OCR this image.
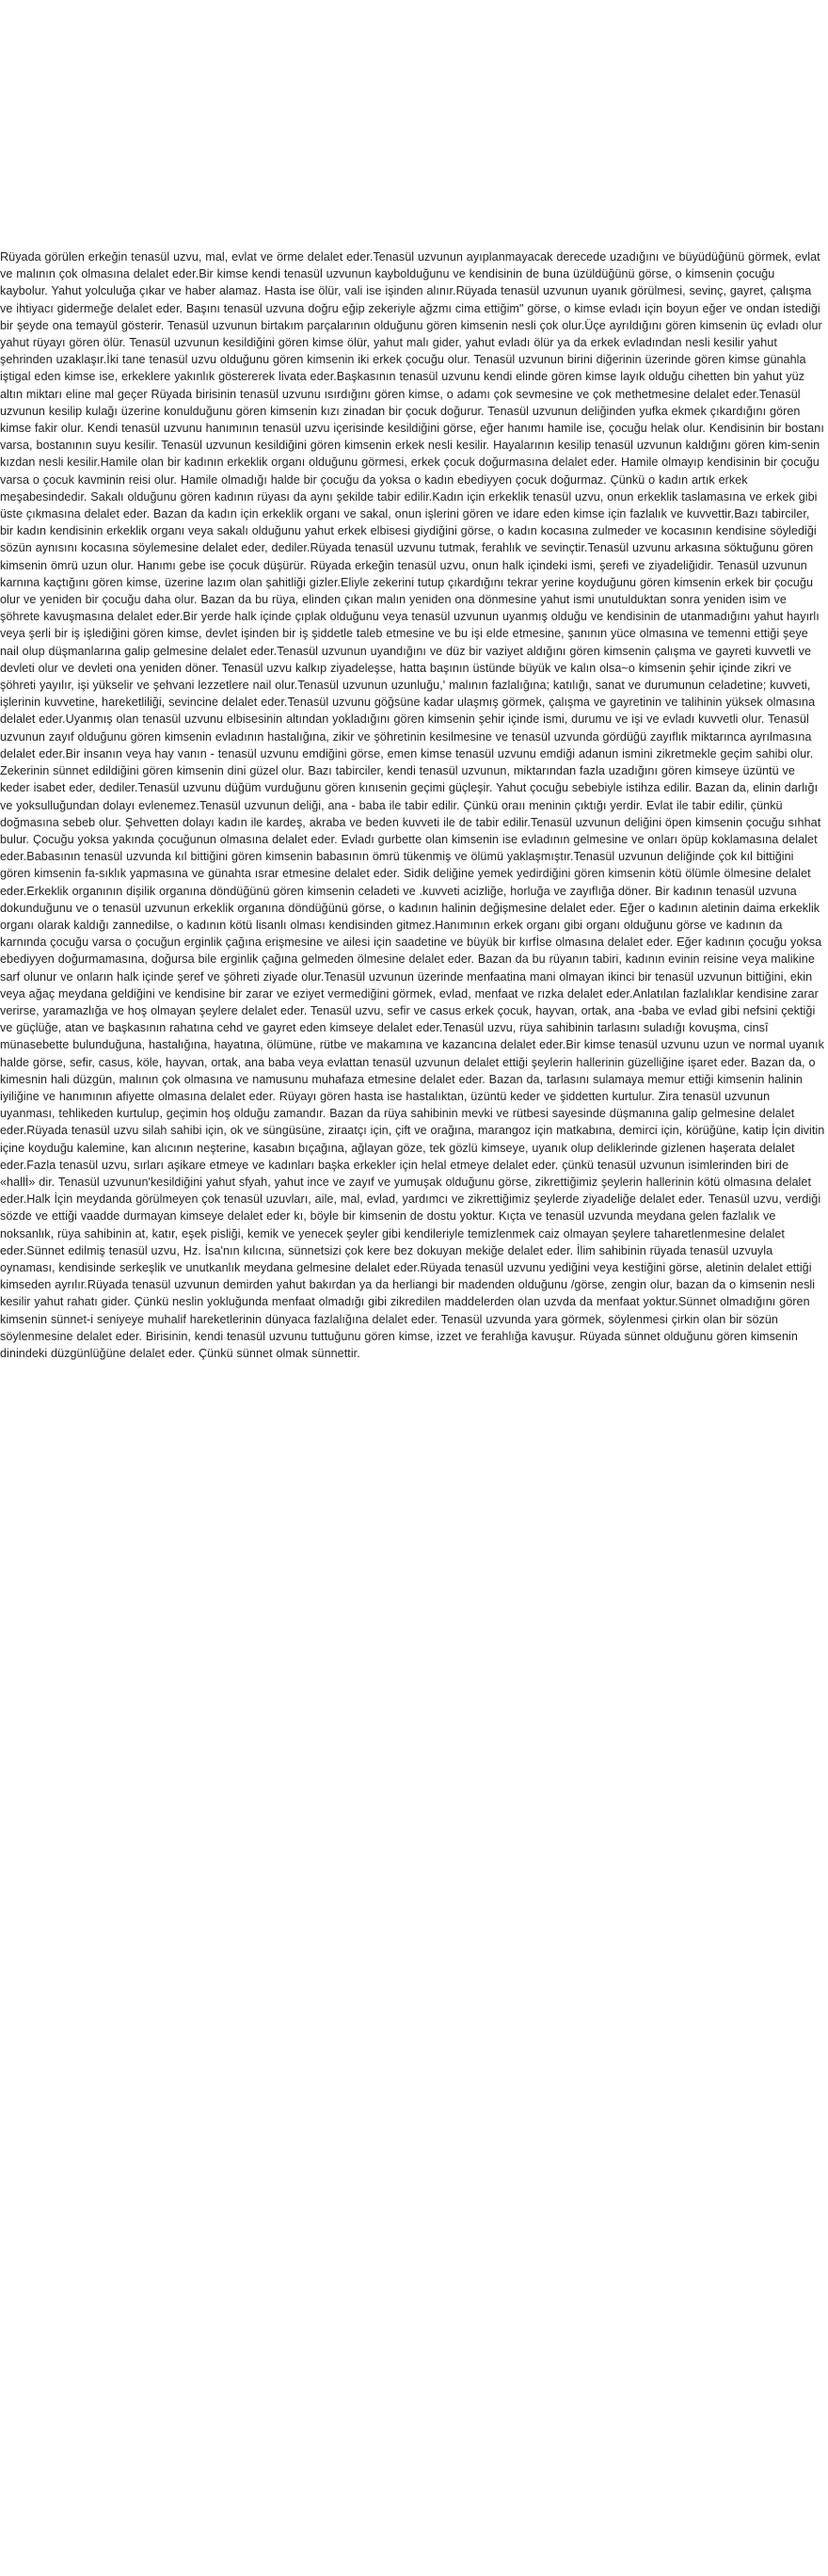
Rüyada görülen erkeğin tenasül uzvu, mal, evlat ve örme delalet eder.Tenasül uzvunun ayıplanmayacak derecede uzadığını ve büyüdüğünü görmek, evlat ve malının çok olmasına delalet eder.Bir kimse kendi tenasül uzvunun kaybolduğunu ve kendisinin de buna üzüldüğünü görse, o kimsenin çocuğu kaybolur. Yahut yolculuğa çıkar ve haber alamaz. Hasta ise ölür, vali ise işinden alınır.Rüyada tenasül uzvunun uyanık görülmesi, sevinç, gayret, çalışma ve ihtiyacı gidermeğe delalet eder. Başını tenasül uzvuna doğru eğip zekeriyle ağzmı cima ettiğim" görse, o kimse evladı için boyun eğer ve ondan istediği bir şeyde ona temayül gösterir. Tenasül uzvunun birtakım parçalarının olduğunu gören kimsenin nesli çok olur.Üçe ayrıldığını gören kimsenin üç evladı olur yahut rüyayı gören ölür. Tenasül uzvunun kesildiğini gören kimse ölür, yahut malı gider, yahut evladı ölür ya da erkek evladından nesli kesilir yahut şehrinden uzaklaşır.İki tane tenasül uzvu olduğunu gören kimsenin iki erkek çocuğu olur. Tenasül uzvunun birini diğerinin üzerinde gören kimse günahla iştigal eden kimse ise, erkeklere yakınlık göstererek livata eder.Başkasının tenasül uzvunu kendi elinde gören kimse layık olduğu cihetten bin yahut yüz altın miktarı eline mal geçer Rüyada birisinin tenasül uzvunu ısırdığını gören kimse, o adamı çok sevmesine ve çok methetmesine delalet eder.Tenasül uzvunun kesilip kulağı üzerine konulduğunu gören kimsenin kızı zinadan bir çocuk doğurur. Tenasül uzvunun deliğinden yufka ekmek çıkardığını gören kimse fakir olur. Kendi tenasül uzvunu hanımının tenasül uzvu içerisinde kesildiğini görse, eğer hanımı hamile ise, çocuğu helak olur. Kendisinin bir bostanı varsa, bostanının suyu kesilir. Tenasül uzvunun kesildiğini gören kimsenin erkek nesli kesilir. Hayalarının kesilip tenasül uzvunun kaldığını gören kim-senin kızdan nesli kesilir.Hamile olan bir kadının erkeklik organı olduğunu görmesi, erkek çocuk doğurmasına delalet eder. Hamile olmayıp kendisinin bir çocuğu varsa o çocuk kavminin reisi olur. Hamile olmadığı halde bir çocuğu da yoksa o kadın ebediyyen çocuk doğurmaz. Çünkü o kadın artık erkek meşabesindedir. Sakalı olduğunu gören kadının rüyası da aynı şekilde tabir edilir.Kadın için erkeklik tenasül uzvu, onun erkeklik taslamasına ve erkek gibi üste çıkmasına delalet eder. Bazan da kadın için erkeklik organı ve sakal, onun işlerini gören ve idare eden kimse için fazlalık ve kuvvettir.Bazı tabirciler, bir kadın kendisinin erkeklik organı veya sakalı olduğunu yahut erkek elbisesi giydiğini görse, o kadın kocasına zulmeder ve kocasının kendisine söylediği sözün aynısını kocasına söylemesine delalet eder, dediler.Rüyada tenasül uzvunu tutmak, ferahlık ve sevinçtir.Tenasül uzvunu arkasına söktuğunu gören kimsenin ömrü uzun olur. Hanımı gebe ise çocuk düşürür. Rüyada erkeğin tenasül uzvu, onun halk içindeki ismi, şerefi ve ziyadeliğidir. Tenasül uzvunun karnına kaçtığını gören kimse, üzerine lazım olan şahitliği gizler.Eliyle zekerini tutup çıkardığını tekrar yerine koyduğunu gören kimsenin erkek bir çocuğu olur ve yeniden bir çocuğu daha olur. Bazan da bu rüya, elinden çıkan malın yeniden ona dönmesine yahut ismi unutulduktan sonra yeniden isim ve şöhrete kavuşmasına delalet eder.Bir yerde halk içinde çıplak olduğunu veya tenasül uzvunun uyanmış olduğu ve kendisinin de utanmadığını yahut hayırlı veya şerli bir iş işlediğini gören kimse, devlet işinden bir iş şiddetle taleb etmesine ve bu işi elde etmesine, şanının yüce olmasına ve temenni ettiği şeye nail olup düşmanlarına galip gelmesine delalet eder.Tenasül uzvunun uyandığını ve düz bir vaziyet aldığını gören kimsenin çalışma ve gayreti kuvvetli ve devleti olur ve devleti ona yeniden döner. Tenasül uzvu kalkıp ziyadeleşse, hatta başının üstünde büyük ve kalın olsa~o kimsenin şehir içinde zikri ve şöhreti yayılır, işi yükselir ve şehvani lezzetlere nail olur.Tenasül uzvunun uzunluğu,' malının fazlalığına; katılığı, sanat ve durumunun celadetine; kuvveti, işlerinin kuvvetine, hareketliliği, sevincine delalet eder.Tenasül uzvunu göğsüne kadar ulaşmış görmek, çalışma ve gayretinin ve talihinin yüksek olmasına delalet eder.Uyanmış olan tenasül uzvunu elbisesinin altından yokladığını gören kimsenin şehir içinde ismi, durumu ve işi ve evladı kuvvetli olur. Tenasül uzvunun zayıf olduğunu gören kimsenin evladının hastalığına, zikir ve şöhretinin kesilmesine ve tenasül uzvunda gördüğü zayıflık miktarınca ayrılmasına delalet eder.Bir insanın veya hay vanın - tenasül uzvunu emdiğini görse, emen kimse tenasül uzvunu emdiği adanun ismini zikretmekle geçim sahibi olur. Zekerinin sünnet edildiğini gören kimsenin dini güzel olur. Bazı tabirciler, kendi tenasül uzvunun, miktarından fazla uzadığını gören kimseye üzüntü ve keder isabet eder, dediler.Tenasül uzvunu düğüm vurduğunu gören kınısenin geçimi güçleşir. Yahut çocuğu sebebiyle istihza edilir. Bazan da, elinin darlığı ve yoksulluğundan dolayı evlenemez.Tenasül uzvunun deliği, ana - baba ile tabir edilir. Çünkü oraıı meninin çıktığı yerdir. Evlat ile tabir edilir, çünkü doğmasına sebeb olur. Şehvetten dolayı kadın ile kardeş, akraba ve beden kuvveti ile de tabir edilir.Tenasül uzvunun deliğini öpen kimsenin çocuğu sıhhat bulur. Çocuğu yoksa yakında çocuğunun olmasına delalet eder. Evladı gurbette olan kimsenin ise evladının gelmesine ve onları öpüp koklamasına delalet eder.Babasının tenasül uzvunda kıl bittiğini gören kimsenin babasının ömrü tükenmiş ve ölümü yaklaşmıştır.Tenasül uzvunun deliğinde çok kıl bittiğini gören kimsenin fa-sıklık yapmasına ve günahta ısrar etmesine delalet eder. Sidik deliğine yemek yedirdiğini gören kimsenin kötü ölümle ölmesine delalet eder.Erkeklik organının dişilik organına döndüğünü gören kimsenin celadeti ve .kuvveti acizliğe, horluğa ve zayıflığa döner. Bir kadının tenasül uzvuna dokunduğunu ve o tenasül uzvunun erkeklik organına döndüğünü görse, o kadının halinin değişmesine delalet eder. Eğer o kadının aletinin daima erkeklik organı olarak kaldığı zannedilse, o kadının kötü lisanlı olması kendisinden gitmez.Hanımının erkek organı gibi organı olduğunu görse ve kadının da karnında çocuğu varsa o çocuğun erginlik çağına erişmesine ve ailesi için saadetine ve büyük bir kırfİse olmasına delalet eder. Eğer kadının çocuğu yoksa ebediyyen doğurmamasına, doğursa bile erginlik çağına gelmeden ölmesine delalet eder. Bazan da bu rüyanın tabiri, kadının evinin reisine veya malikine sarf olunur ve onların halk içinde şeref ve şöhreti ziyade olur.Tenasül uzvunun üzerinde menfaatina mani olmayan ikinci bir tenasül uzvunun bittiğini, ekin veya ağaç meydana geldiğini ve kendisine bir zarar ve eziyet vermediğini görmek, evlad, menfaat ve rızka delalet eder.Anlatılan fazlalıklar kendisine zarar verirse, yaramazlığa ve hoş olmayan şeylere delalet eder. Tenasül uzvu, sefir ve casus erkek çocuk, hayvan, ortak, ana -baba ve evlad gibi nefsini çektiği ve güçlüğe, atan ve başkasının rahatına cehd ve gayret eden kimseye delalet eder.Tenasül uzvu, rüya sahibinin tarlasını suladığı kovuşma, cinsî münasebette bulunduğuna, hastalığına, hayatına, ölümüne, rütbe ve makamına ve kazancına delalet eder.Bir kimse tenasül uzvunu uzun ve normal uyanık halde görse, sefir, casus, köle, hayvan, ortak, ana baba veya evlattan tenasül uzvunun delalet ettiği şeylerin hallerinin güzelliğine işaret eder. Bazan da, o kimesnin hali düzgün, malının çok olmasına ve namusunu muhafaza etmesine delalet eder. Bazan da, tarlasını sulamaya memur ettiği kimsenin halinin iyiliğine ve hanımının afiyette olmasına delalet eder. Rüyayı gören hasta ise hastalıktan, üzüntü keder ve şiddetten kurtulur. Zira tenasül uzvunun uyanması, tehlikeden kurtulup, geçimin hoş olduğu zamandır. Bazan da rüya sahibinin mevki ve rütbesi sayesinde düşmanına galip gelmesine delalet eder.Rüyada tenasül uzvu silah sahibi için, ok ve süngüsüne, ziraatçı için, çift ve orağına, marangoz için matkabına, demirci için, körüğüne, katip İçin divitin içine koyduğu kalemine, kan alıcının neşterine, kasabın bıçağına, ağlayan göze, tek gözlü kimseye, uyanık olup deliklerinde gizlenen haşerata delalet eder.Fazla tenasül uzvu, sırları aşikare etmeye ve kadınları başka erkekler için helal etmeye delalet eder. çünkü tenasül uzvunun isimlerinden biri de «hallİ» dir. Tenasül uzvunun'kesildiğini yahut sfyah, yahut ince ve zayıf ve yumuşak olduğunu görse, zikrettiğimiz şeylerin hallerinin kötü olmasına delalet eder.Halk İçin meydanda görülmeyen çok tenasül uzuvları, aile, mal, evlad, yardımcı ve zikrettiğimiz şeylerde ziyadeliğe delalet eder. Tenasül uzvu, verdiği sözde ve ettiği vaadde durmayan kimseye delalet eder kı, böyle bir kimsenin de dostu yoktur. Kıçta ve tenasül uzvunda meydana gelen fazlalık ve noksanlık, rüya sahibinin at, katır, eşek pisliği, kemik ve yenecek şeyler gibi kendileriyle temizlenmek caiz olmayan şeylere taharetlenmesine delalet eder.Sünnet edilmiş tenasül uzvu, Hz. İsa'nın kılıcına, sünnetsizi çok kere bez dokuyan mekiğe delalet eder. İlim sahibinin rüyada tenasül uzvuyla oynaması, kendisinde serkeşlik ve unutkanlık meydana gelmesine delalet eder.Rüyada tenasül uzvunu yediğini veya kestiğini görse, aletinin delalet ettiği kimseden ayrılır.Rüyada tenasül uzvunun demirden yahut bakırdan ya da herliangi bir madenden olduğunu /görse, zengin olur, bazan da o kimsenin nesli kesilir yahut rahatı gider. Çünkü neslin yokluğunda menfaat olmadığı gibi zikredilen maddelerden olan uzvda da menfaat yoktur.Sünnet olmadığını gören kimsenin sünnet-i seniyeye muhalif hareketlerinin dünyaca fazlalığına delalet eder. Tenasül uzvunda yara görmek, söylenmesi çirkin olan bir sözün söylenmesine delalet eder. Birisinin, kendi tenasül uzvunu tuttuğunu gören kimse, izzet ve ferahlığa kavuşur. Rüyada sünnet olduğunu gören kimsenin dinindeki düzgünlüğüne delalet eder. Çünkü sünnet olmak sünnettir.
